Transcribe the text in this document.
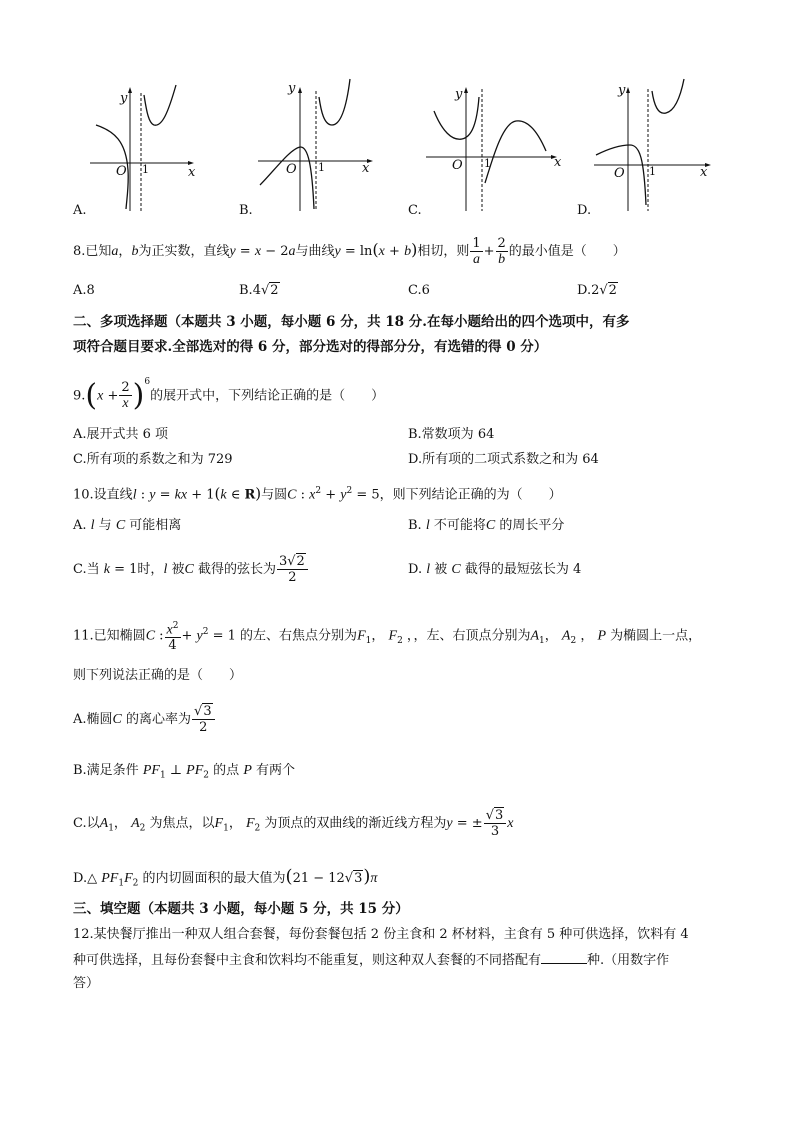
y
O 1	x
A.
y
O 1	x
B.
y
O 1	x
C.
y
O 1	x
D.
8.已知a，b为正实数，直线y = x − 2a与曲线y = ln(x + b)相切，则 $\frac{1}{a} + \frac{2}{b}$ 的最小值是（　　）
A.8	B.4√2	C.6	D.2√2
二、多项选择题（本题共 3 小题，每小题 6 分，共 18 分.在每小题给出的四个选项中，有多
项符合题目要求.全部选对的得 6 分，部分选对的得部分分，有选错的得 0 分）
$9.(x + \frac{2}{x} )^6$的展开式中，下列结论正确的是（　　）
A.展开式共 6 项	B.常数项为 64
C.所有项的系数之和为 729	D.所有项的二项式系数之和为 64
10.设直线l : y = kx + 1(k ∈ R)与圆C : $x^2 + y^2 = 5$，则下列结论正确的为（　　）
A. l 与 C 可能相离	B. l 不可能将C 的周长平分
C.当 k = 1时，l 被C 截得的弦长为 $\frac{3√2}{2}$	D. l 被 C 截得的最短弦长为 4
11.已知椭圆C : $\frac{x^2}{4} + y^2 = 1$ 的左、右焦点分别为$F_1$， $F_2$ ，，左、右顶点分别为$A_1$， $A_2$ ， P 为椭圆上一点，
则下列说法正确的是（　　）
A.椭圆C 的离心率为 $\frac{√3}{2}$
B.满足条件 $PF_1$ ⊥ $PF_2$ 的点 P 有两个
C.以$A_1$， $A_2$ 为焦点，以$F_1$， $F_2$ 为顶点的双曲线的渐近线方程为y = ± $\frac{√3}{3}$ x
D.△ $PF_1F_2$ 的内切圆面积的最大值为(21 − 12√3)π
三、填空题（本题共 3 小题，每小题 5 分，共 15 分）
12.某快餐厅推出一种双人组合套餐，每份套餐包括 2 份主食和 2 杯材料，主食有 5 种可供选择，饮料有 4
种可供选择，且每份套餐中主食和饮料均不能重复，则这种双人套餐的不同搭配有	种.（用数字作
答）
